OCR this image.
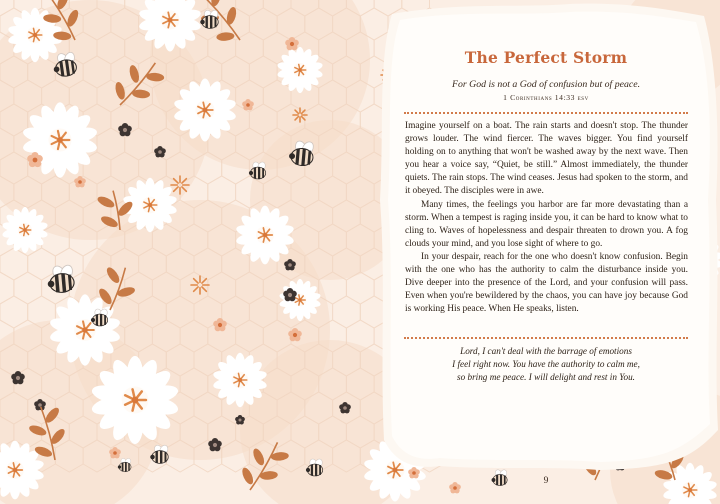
The Perfect Storm

For God is not a God of confusion but of peace.

1 Corinthians 14:33 esv

Imagine yourself on a boat. The rain starts and doesn't stop. The thunder grows louder. The wind fiercer. The waves bigger. You find yourself holding on to anything that won't be washed away by the next wave. Then you hear a voice say, “Quiet, be still.” Almost immediately, the thunder quiets. The rain stops. The wind ceases. Jesus had spoken to the storm, and it obeyed. The disciples were in awe.

Many times, the feelings you harbor are far more devastating than a storm. When a tempest is raging inside you, it can be hard to know what to cling to. Waves of hopelessness and despair threaten to drown you. A fog clouds your mind, and you lose sight of where to go.

In your despair, reach for the one who doesn't know confusion. Begin with the one who has the authority to calm the disturbance inside you. Dive deeper into the presence of the Lord, and your confusion will pass. Even when you're bewildered by the chaos, you can have joy because God is working His peace. When He speaks, listen.

Lord, I can't deal with the barrage of emotions
I feel right now. You have the authority to calm me,
so bring me peace. I will delight and rest in You.

9
